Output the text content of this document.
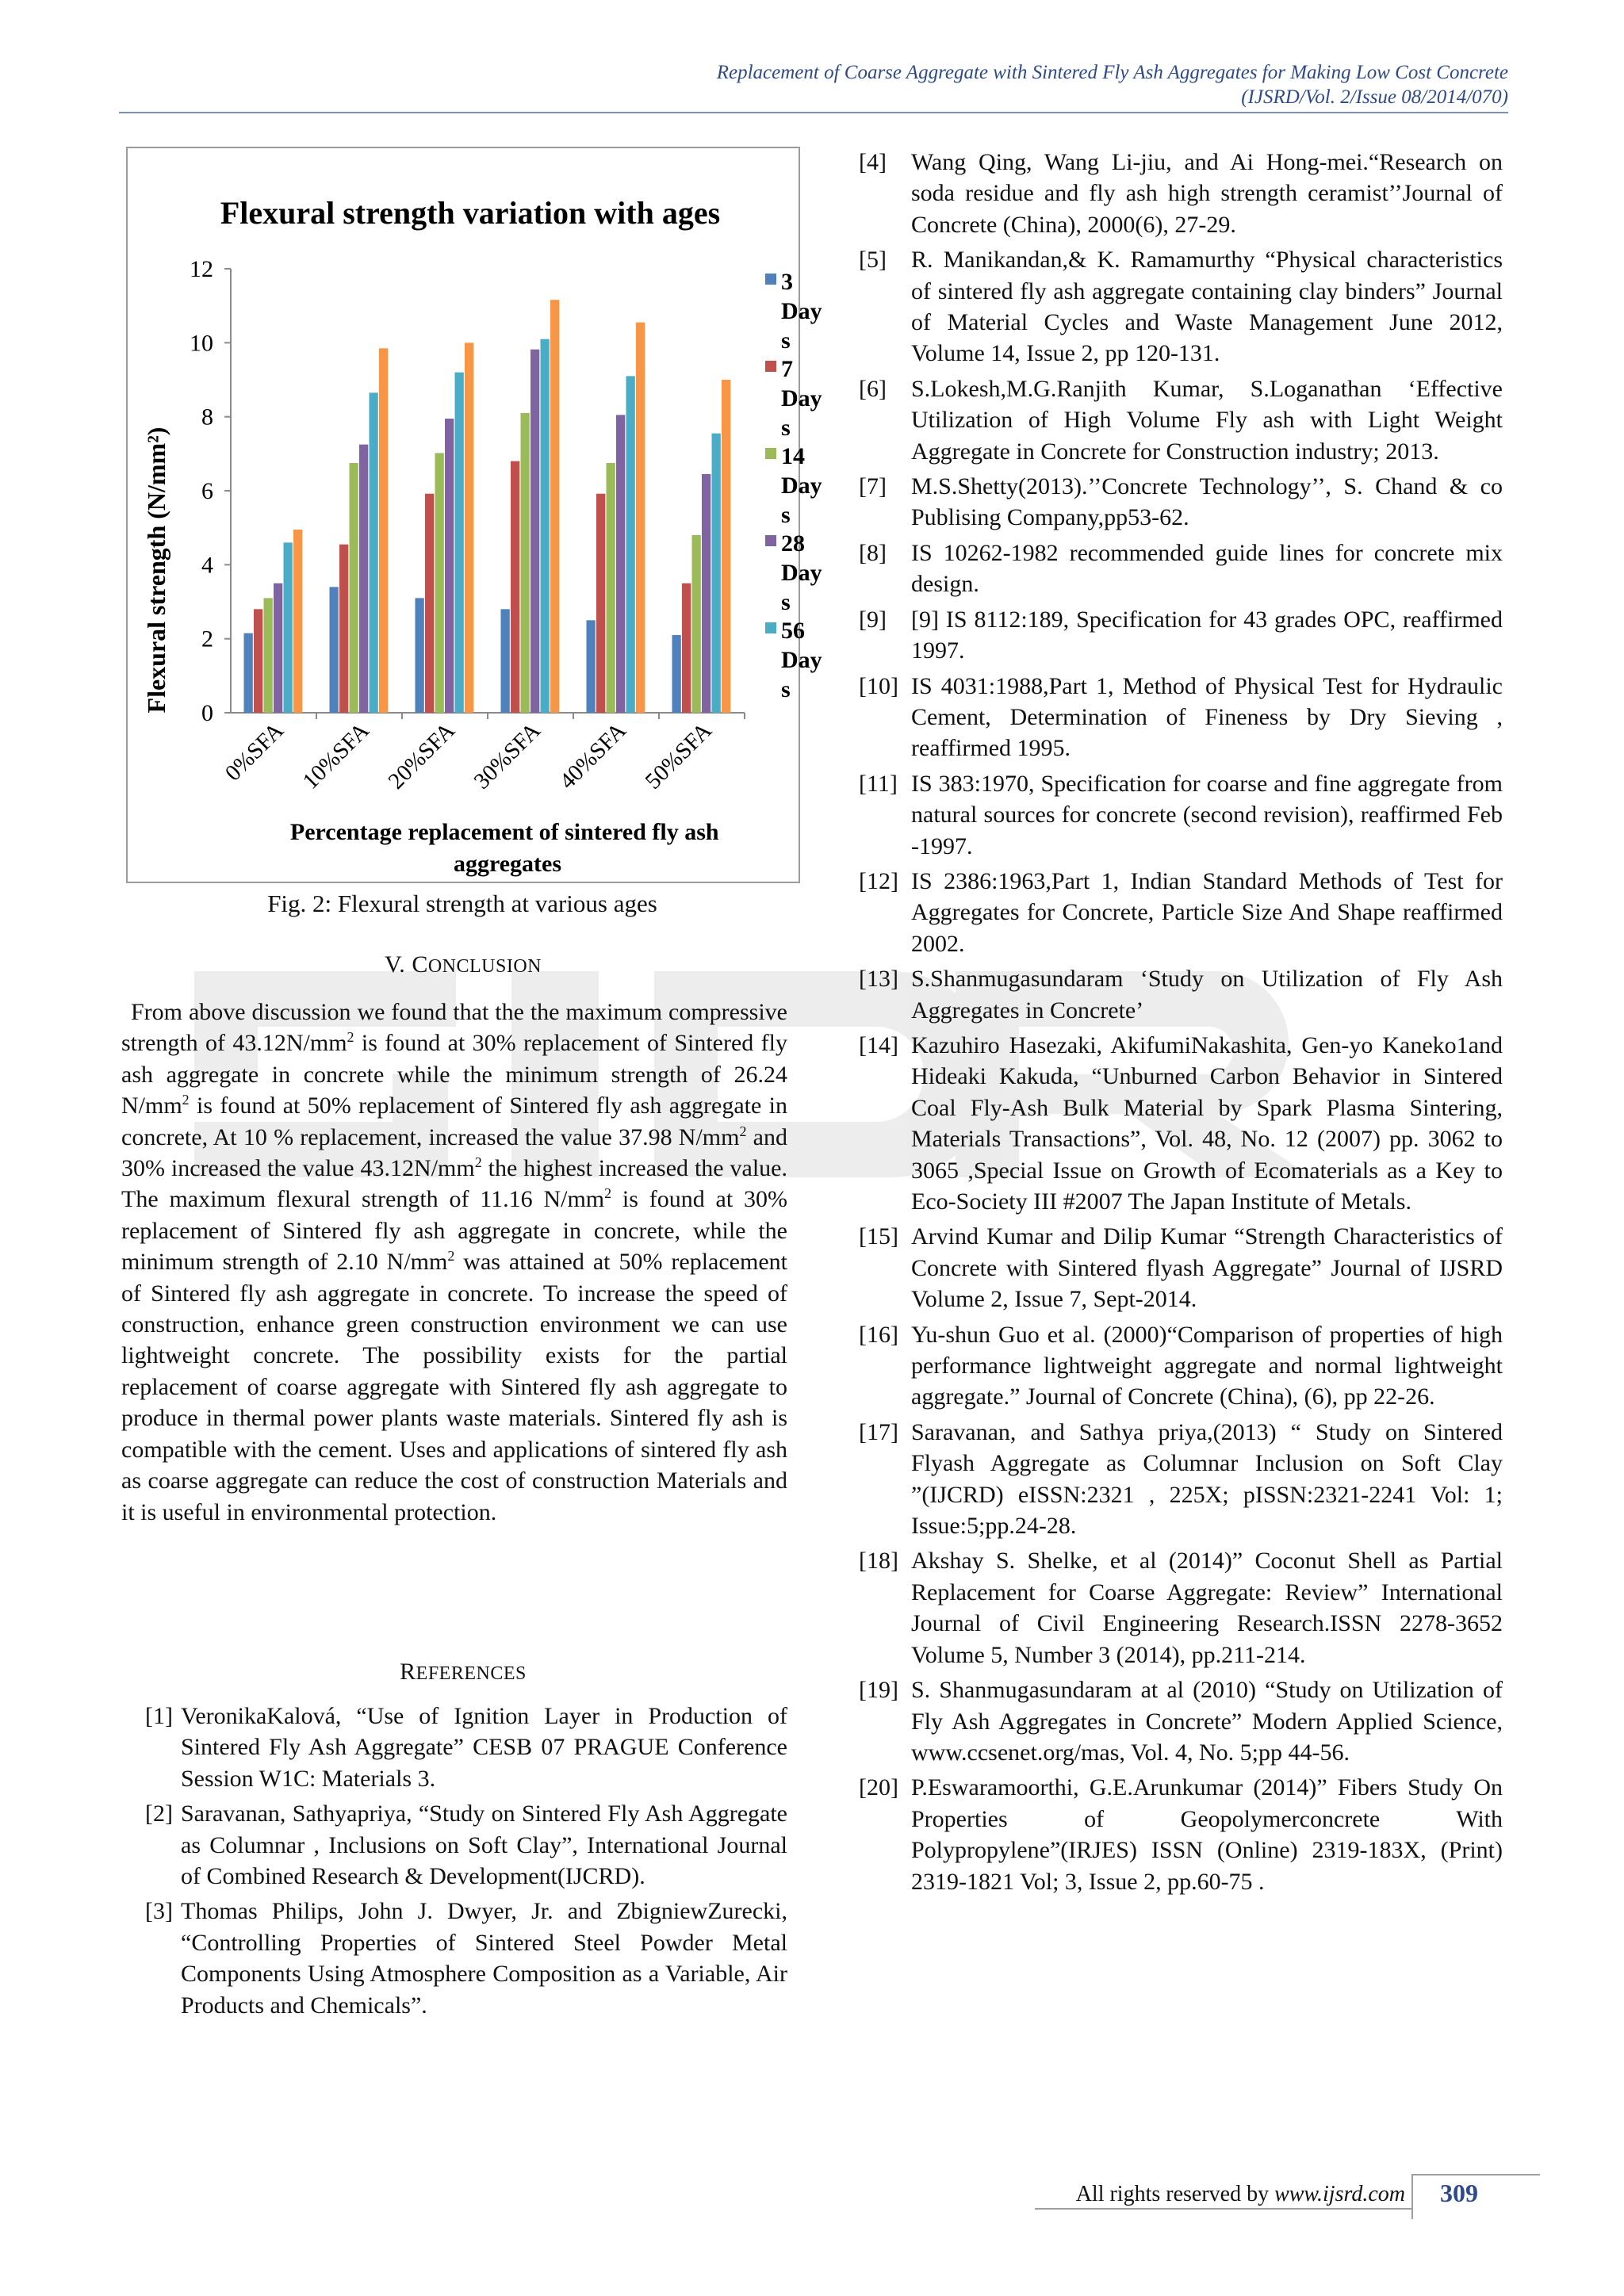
Replacement of Coarse Aggregate with Sintered Fly Ash Aggregates for Making Low Cost Concrete
(IJSRD/Vol. 2/Issue 08/2014/070)
Flexural strength variation with ages
Flexural strength (N/mm²)
Percentage replacement of sintered fly ash aggregates
0
2
4
6
8
10
12
0%SFA 10%SFA 20%SFA 30%SFA 40%SFA 50%SFA
3
Day
s
7
Day
s
14
Day
s
28
Day
s
56
Day
s
Fig. 2: Flexural strength at various ages
V. CONCLUSION
From above discussion we found that the the maximum compressive strength of $43.12N/mm^2$ is found at 30% replacement of Sintered fly ash aggregate in concrete while the minimum strength of 26.24 $N/mm^2$ is found at 50% replacement of Sintered fly ash aggregate in concrete, At 10 % replacement, increased the value 37.98 $N/mm^2$ and 30% increased the value $43.12N/mm^2$ the highest increased the value. The maximum flexural strength of 11.16 $N/mm^2$ is found at 30% replacement of Sintered fly ash aggregate in concrete, while the minimum strength of 2.10 $N/mm^2$ was attained at 50% replacement of Sintered fly ash aggregate in concrete. To increase the speed of construction, enhance green construction environment we can use lightweight concrete. The possibility exists for the partial replacement of coarse aggregate with Sintered fly ash aggregate to produce in thermal power plants waste materials. Sintered fly ash is compatible with the cement. Uses and applications of sintered fly ash as coarse aggregate can reduce the cost of construction Materials and it is useful in environmental protection.
REFERENCES
[1] VeronikaKalová, “Use of Ignition Layer in Production of Sintered Fly Ash Aggregate” CESB 07 PRAGUE Conference Session W1C: Materials 3.
[2] Saravanan, Sathyapriya, “Study on Sintered Fly Ash Aggregate as Columnar , Inclusions on Soft Clay”, International Journal of Combined Research & Development(IJCRD).
[3] Thomas Philips, John J. Dwyer, Jr. and ZbigniewZurecki, “Controlling Properties of Sintered Steel Powder Metal Components Using Atmosphere Composition as a Variable, Air Products and Chemicals”.
[4]	Wang Qing, Wang Li-jiu, and Ai Hong-mei.“Research on soda residue and fly ash high strength ceramist’’Journal of Concrete (China), 2000(6), 27-29.
[5]	R. Manikandan,& K. Ramamurthy “Physical characteristics of sintered fly ash aggregate containing clay binders” Journal of Material Cycles and Waste Management June 2012, Volume 14, Issue 2, pp 120-131.
[6]	S.Lokesh,M.G.Ranjith Kumar, S.Loganathan ‘Effective Utilization of High Volume Fly ash with Light Weight Aggregate in Concrete for Construction industry; 2013.
[7]	M.S.Shetty(2013).’’Concrete Technology’’, S. Chand & co Publising Company,pp53-62.
[8]	IS 10262-1982 recommended guide lines for concrete mix design.
[9]	[9] IS 8112:189, Specification for 43 grades OPC, reaffirmed 1997.
[10] IS 4031:1988,Part 1, Method of Physical Test for Hydraulic Cement, Determination of Fineness by Dry Sieving , reaffirmed 1995.
[11] IS 383:1970, Specification for coarse and fine aggregate from natural sources for concrete (second revision), reaffirmed Feb -1997.
[12] IS 2386:1963,Part 1, Indian Standard Methods of Test for Aggregates for Concrete, Particle Size And Shape reaffirmed 2002.
[13] S.Shanmugasundaram ‘Study on Utilization of Fly Ash Aggregates in Concrete’
[14] Kazuhiro Hasezaki, AkifumiNakashita, Gen-yo Kaneko1and Hideaki Kakuda, “Unburned Carbon Behavior in Sintered Coal Fly-Ash Bulk Material by Spark Plasma Sintering, Materials Transactions”, Vol. 48, No. 12 (2007) pp. 3062 to 3065 ,Special Issue on Growth of Ecomaterials as a Key to Eco-Society III #2007 The Japan Institute of Metals.
[15] Arvind Kumar and Dilip Kumar “Strength Characteristics of Concrete with Sintered flyash Aggregate” Journal of IJSRD Volume 2, Issue 7, Sept-2014.
[16] Yu-shun Guo et al. (2000)“Comparison of properties of high performance lightweight aggregate and normal lightweight aggregate.” Journal of Concrete (China), (6), pp 22-26.
[17] Saravanan, and Sathya priya,(2013) “ Study on Sintered Flyash Aggregate as Columnar Inclusion on Soft Clay ”(IJCRD) eISSN:2321 , 225X; pISSN:2321-2241 Vol: 1; Issue:5;pp.24-28.
[18] Akshay S. Shelke, et al (2014)” Coconut Shell as Partial Replacement for Coarse Aggregate: Review” International Journal of Civil Engineering Research.ISSN 2278-3652 Volume 5, Number 3 (2014), pp.211-214.
[19] S. Shanmugasundaram at al (2010) “Study on Utilization of Fly Ash Aggregates in Concrete” Modern Applied Science, www.ccsenet.org/mas, Vol. 4, No. 5;pp 44-56.
[20] P.Eswaramoorthi, G.E.Arunkumar (2014)” Fibers Study On Properties of Geopolymerconcrete With Polypropylene”(IRJES) ISSN (Online) 2319-183X, (Print) 2319-1821 Vol; 3, Issue 2, pp.60-75 .
All rights reserved by www.ijsrd.com	309
